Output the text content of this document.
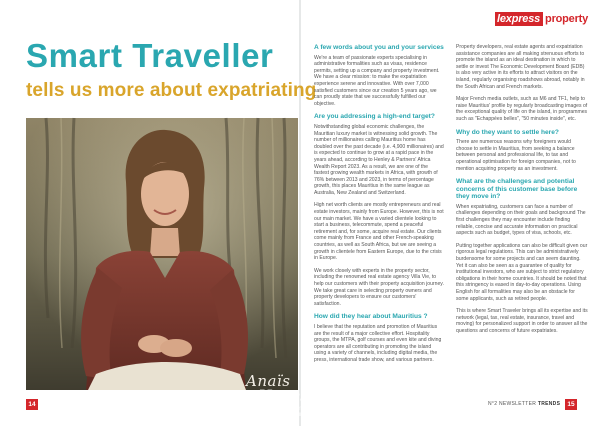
lexpress property
Smart Traveller
tells us more about expatriating
Anaïs
Hoyes
General Manager of Smart Traveller Ltd.
A few words about you and your services

We're a team of passionate experts specialising in administrative formalities such as visas, residence permits, setting up a company and property investment. We have a clear mission: to make the expatriation experience serene and innovative. With over 7,000 satisfied customers since our creation 5 years ago, we can proudly state that we successfully fulfilled our objective.

Are you addressing a high-end target?

Notwithstanding global economic challenges, the Mauritian luxury market is witnessing solid growth. The number of millionaires calling Mauritius home has doubled over the past decade (i.e. 4,900 millionaires) and is expected to continue to grow at a rapid pace in the years ahead, according to Henley & Partners' Africa Wealth Report 2023. As a result, we are one of the fastest growing wealth markets in Africa, with growth of 76% between 2013 and 2023, in terms of percentage growth, this places Mauritius in the same league as Australia, New Zealand and Switzerland.

High net worth clients are mostly entrepreneurs and real estate investors, mainly from Europe. However, this is not our main market. We have a varied clientele looking to start a business, telecommute, spend a peaceful retirement and, for some, acquire real estate. Our clients come mainly from France and other French-speaking countries, as well as South Africa, but we are seeing a growth in clientele from Eastern Europe, due to the crisis in Europe.

We work closely with experts in the property sector, including the renowned real estate agency Villa Vie, to help our customers with their property acquisition journey. We take great care in selecting property owners and property developers to ensure our customers' satisfaction.

How did they hear about Mauritius ?

I believe that the reputation and promotion of Mauritius are the result of a major collective effort. Hospitality groups, the MTPA, golf courses and even kite and diving operators are all contributing in promoting the island using a variety of channels, including digital media, the press, international trade show, and various partners.

Property developers, real estate agents and expatriation assistance companies are all making strenuous efforts to promote the island as an ideal destination in which to settle or invest The Economic Development Board (EDB) is also very active in its efforts to attract visitors on the island, regularly organising roadshows abroad, notably in the South African and French markets.

Major French media outlets, such as M6 and TF1, help to raise Mauritius' profile by regularly broadcasting images of the exceptional quality of life on the island, in programmes such as "Echappées belles", "50 minutes inside", etc.

Why do they want to settle here?

There are numerous reasons why foreigners would choose to settle in Mauritius, from seeking a balance between personal and professional life, to tax and operational optimisation for foreign companies, not to mention acquiring property as an investment.

What are the challenges and potential concerns of this customer base before they move in?

When expatriating, customers can face a number of challenges depending on their goals and background The first challenges they may encounter include finding reliable, concise and accurate information on practical aspects such as budget, types of visa, schools, etc.

Putting together applications can also be difficult given our rigorous legal regulations. This can be administratively burdensome for some projects and can seem daunting. Yet it can also be seen as a guarantee of quality for institutional investors, who are subject to strict regulatory obligations in their home countries. It should be noted that this stringency is eased in day-to-day operations. Using English for all formalities may also be an obstacle for some applicants, such as retired people.

This is where Smart Traveler brings all its expertise and its network (legal, tax, real estate, insurance, travel and moving) for personalized support in order to answer all the questions and concerns of future expatriates.

14	N°2 NEWSLETTER TRENDS	15
